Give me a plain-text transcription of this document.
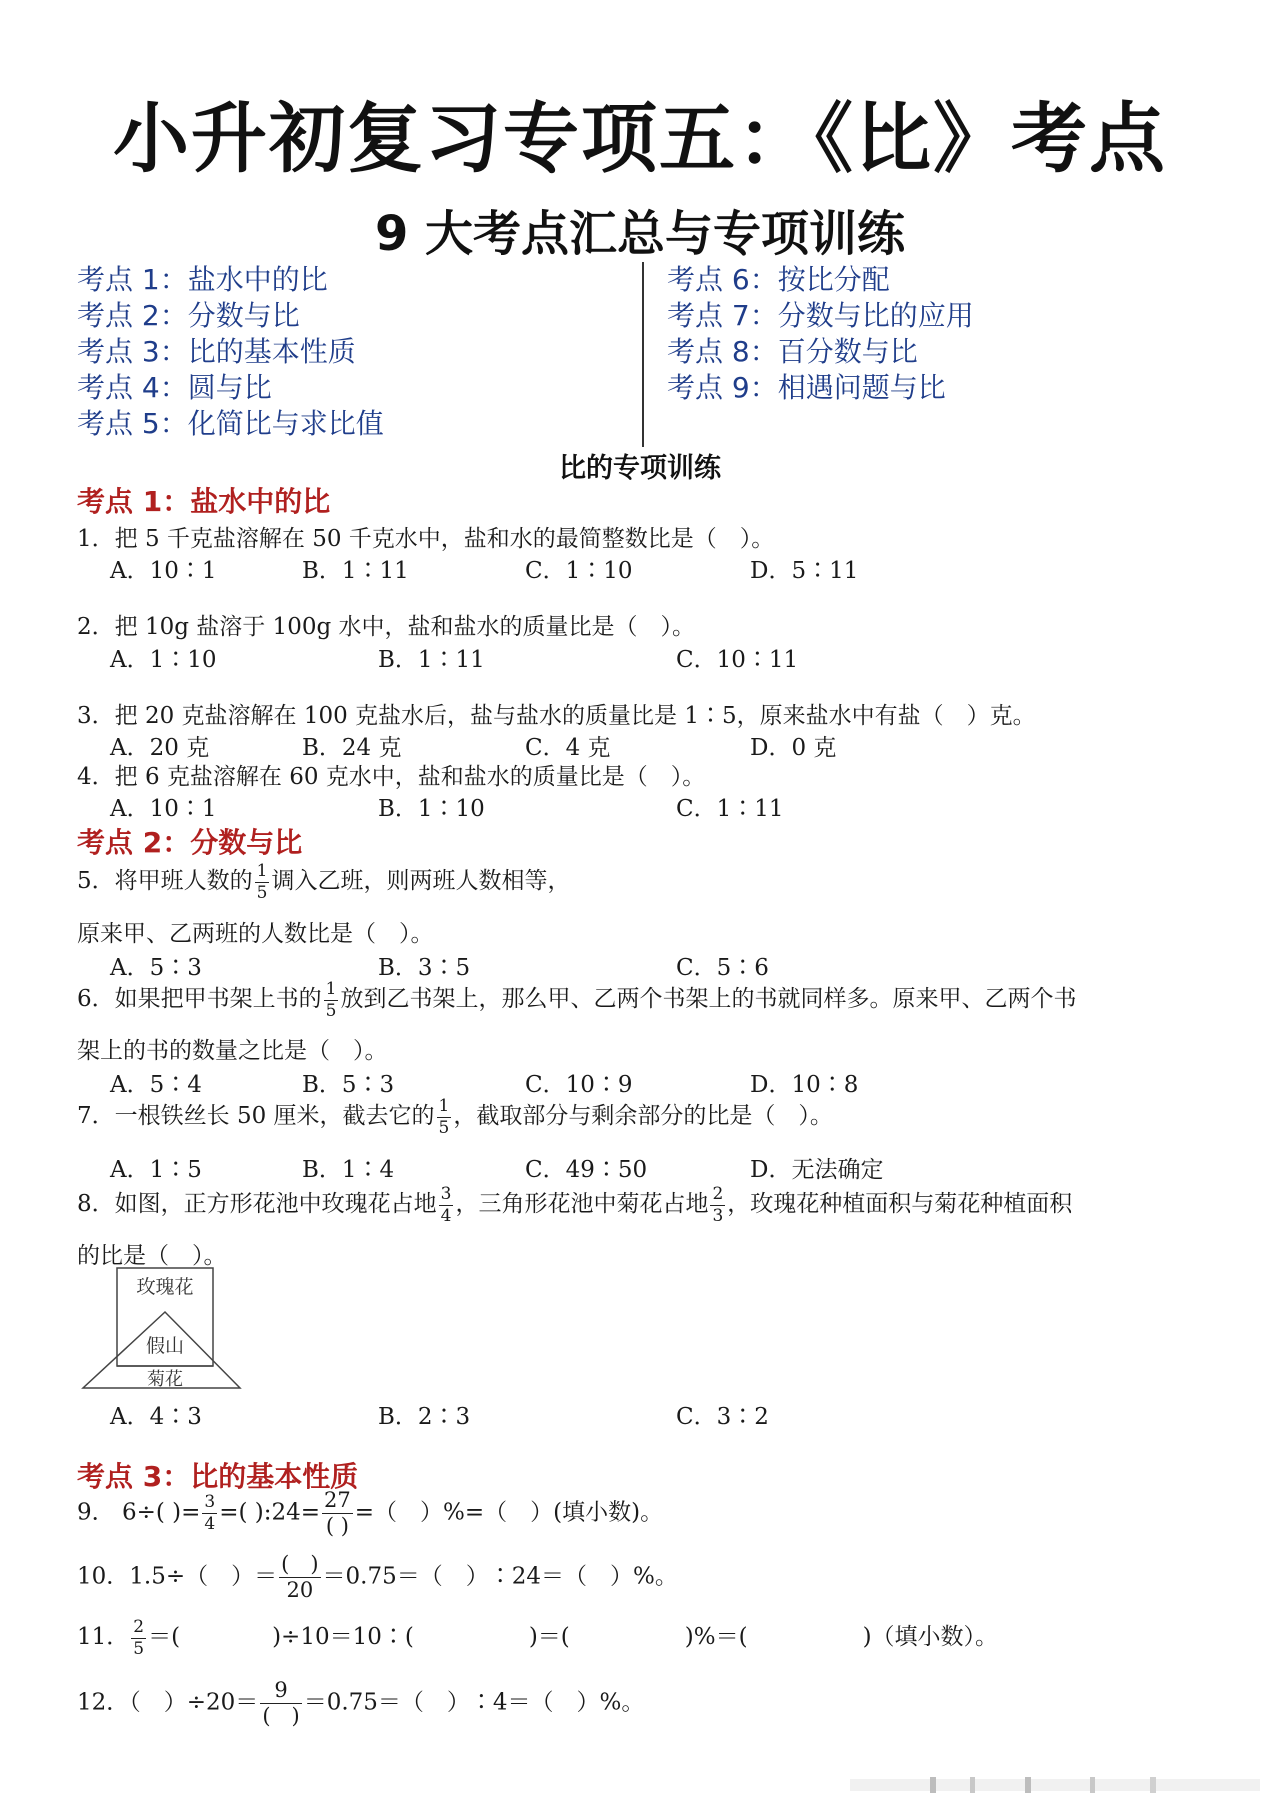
小升初复习专项五：《比》考点
9 大考点汇总与专项训练
考点 1：盐水中的比
考点 2：分数与比
考点 3：比的基本性质
考点 4：圆与比
考点 5：化简比与求比值
考点 6：按比分配
考点 7：分数与比的应用
考点 8：百分数与比
考点 9：相遇问题与比
比的专项训练
考点 1：盐水中的比
1．把 5 千克盐溶解在 50 千克水中，盐和水的最简整数比是（　）。
A．10∶1	B．1∶11	C．1∶10	D．5∶11
2．把 10g 盐溶于 100g 水中，盐和盐水的质量比是（　）。
A．1∶10	B．1∶11	C．10∶11
3．把 20 克盐溶解在 100 克盐水后，盐与盐水的质量比是 1∶5，原来盐水中有盐（　）克。
A．20 克	B．24 克	C．4 克	D．0 克
4．把 6 克盐溶解在 60 克水中，盐和盐水的质量比是（　）。
A．10∶1	B．1∶10	C．1∶11
考点 2：分数与比
5．将甲班人数的 $\frac{1}{5}$ 调入乙班，则两班人数相等，
原来甲、乙两班的人数比是（　）。
A．5∶3	B．3∶5	C．5∶6
6．如果把甲书架上书的 $\frac{1}{5}$ 放到乙书架上，那么甲、乙两个书架上的书就同样多。原来甲、乙两个书
架上的书的数量之比是（　）。
A．5∶4	B．5∶3	C．10∶9	D．10∶8
7．一根铁丝长 50 厘米，截去它的 $\frac{1}{5}$ ，截取部分与剩余部分的比是（　）。
A．1∶5	B．1∶4	C．49∶50	D．无法确定
8．如图，正方形花池中玫瑰花占地 $\frac{3}{4}$ ，三角形花池中菊花占地 $\frac{2}{3}$ ，玫瑰花种植面积与菊花种植面积
的比是（　）。
玫瑰花
假山
菊花
A．4∶3	B．2∶3	C．3∶2
考点 3：比的基本性质
9． 6÷( )= $\frac{3}{4}$ =( ):24= $\frac{27}{( )}$ =（　）%=（　）(填小数)。
10．1.5÷（　）＝ $\frac{( )}{20} =0.75=$（　）∶24＝（　）%。
11． $\frac{2}{5}$ ＝(　　　　)÷10＝10∶(　　　　　)＝(　　　　　)%＝(　　　　　)（填小数）。
12．（　）$\div 20= \frac{9}{( )} =0.75=$（　）∶4＝（　）%。
